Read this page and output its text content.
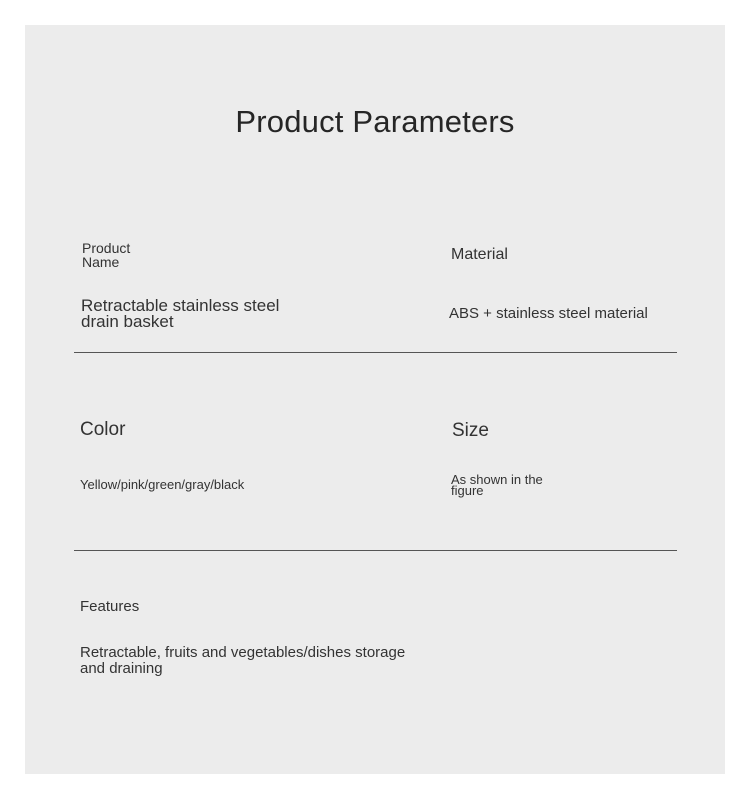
Product Parameters
Product
Name
Retractable stainless steel
drain basket
Material
ABS + stainless steel material
Color
Yellow/pink/green/gray/black
Size
As shown in the
figure
Features
Retractable, fruits and vegetables/dishes storage
and draining
